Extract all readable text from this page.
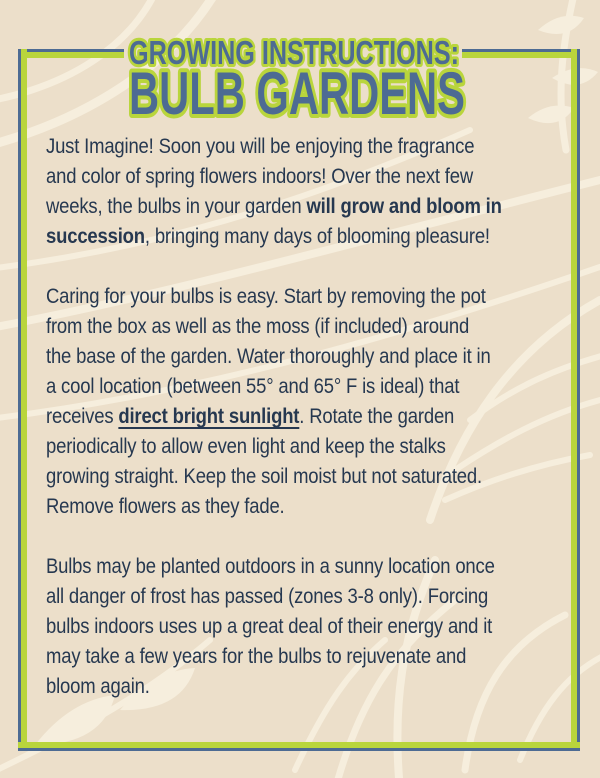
GROWING INSTRUCTIONS:
BULB GARDENS
Just Imagine! Soon you will be enjoying the fragrance
and color of spring flowers indoors! Over the next few
weeks, the bulbs in your garden will grow and bloom in
succession, bringing many days of blooming pleasure!
Caring for your bulbs is easy. Start by removing the pot
from the box as well as the moss (if included) around
the base of the garden. Water thoroughly and place it in
a cool location (between 55° and 65° F is ideal) that
receives direct bright sunlight. Rotate the garden
periodically to allow even light and keep the stalks
growing straight. Keep the soil moist but not saturated.
Remove flowers as they fade.
Bulbs may be planted outdoors in a sunny location once
all danger of frost has passed (zones 3-8 only). Forcing
bulbs indoors uses up a great deal of their energy and it
may take a few years for the bulbs to rejuvenate and
bloom again.
